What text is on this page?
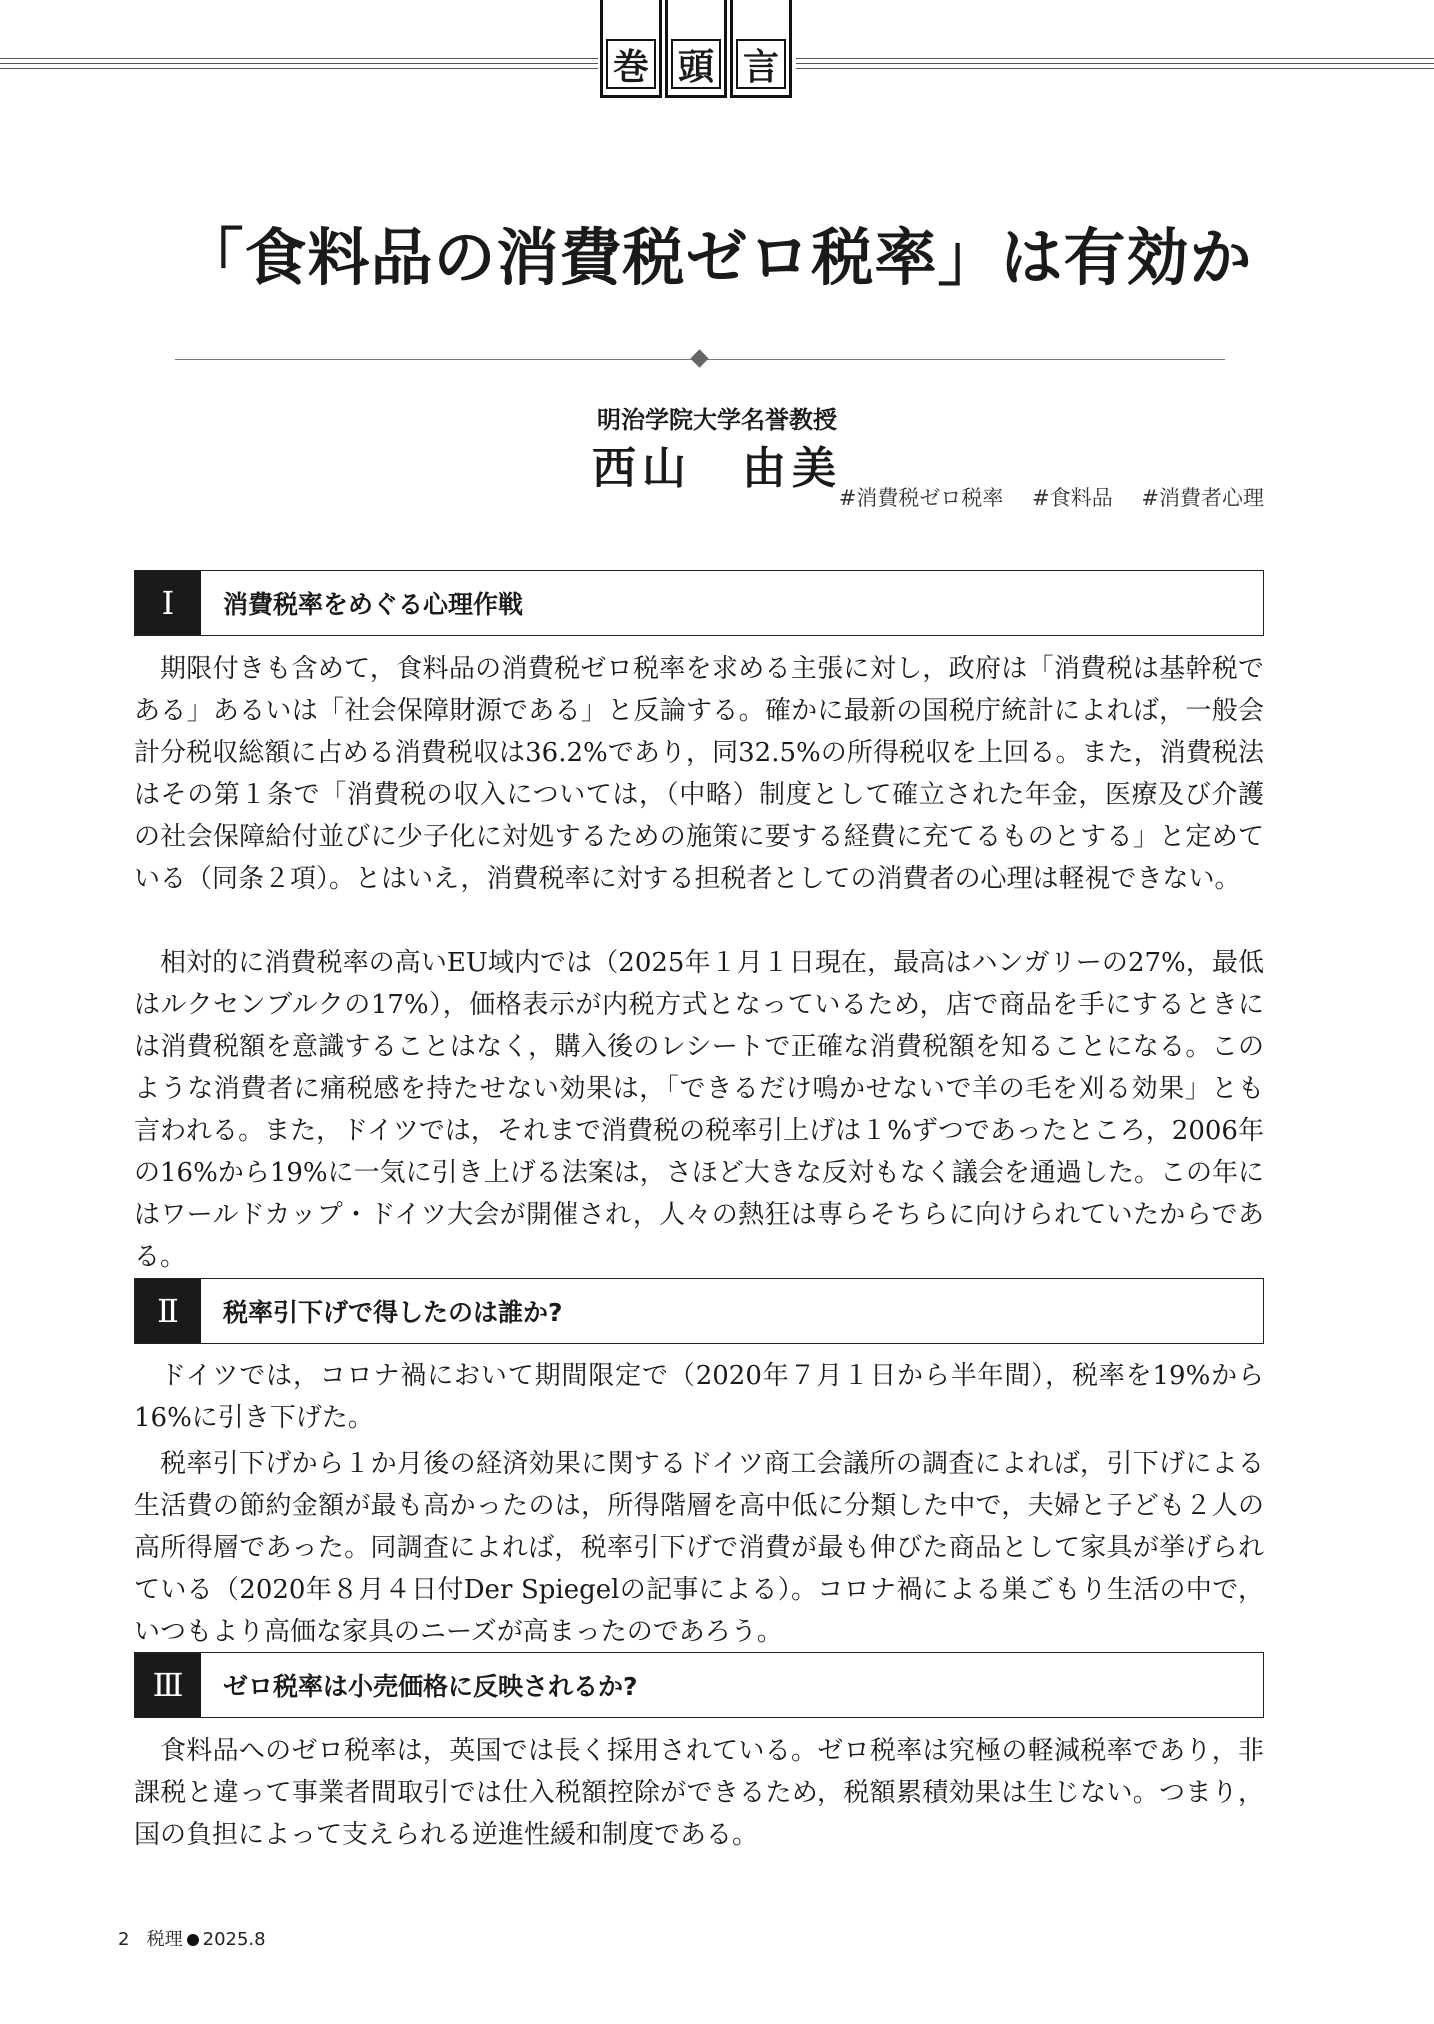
巻 頭 言
「食料品の消費税ゼロ税率」は有効か
明治学院大学名誉教授
西山　由美
#消費税ゼロ税率 #食料品 #消費者心理
Ⅰ	消費税率をめぐる心理作戦

期限付きも含めて，食料品の消費税ゼロ税率を求める主張に対し，政府は「消費税は基幹税である」あるいは「社会保障財源である」と反論する。確かに最新の国税庁統計によれば，一般会計分税収総額に占める消費税収は36.2%であり，同32.5%の所得税収を上回る。また，消費税法はその第１条で「消費税の収入については，（中略）制度として確立された年金，医療及び介護の社会保障給付並びに少子化に対処するための施策に要する経費に充てるものとする」と定めている（同条２項）。とはいえ，消費税率に対する担税者としての消費者の心理は軽視できない。

相対的に消費税率の高いEU域内では（2025年１月１日現在，最高はハンガリーの27%，最低はルクセンブルクの17%），価格表示が内税方式となっているため，店で商品を手にするときには消費税額を意識することはなく，購入後のレシートで正確な消費税額を知ることになる。このような消費者に痛税感を持たせない効果は，「できるだけ鳴かせないで羊の毛を刈る効果」とも言われる。また，ドイツでは，それまで消費税の税率引上げは１%ずつであったところ，2006年の16%から19%に一気に引き上げる法案は，さほど大きな反対もなく議会を通過した。この年にはワールドカップ・ドイツ大会が開催され，人々の熱狂は専らそちらに向けられていたからである。

Ⅱ	税率引下げで得したのは誰か?

ドイツでは，コロナ禍において期間限定で（2020年７月１日から半年間），税率を19%から16%に引き下げた。

税率引下げから１か月後の経済効果に関するドイツ商工会議所の調査によれば，引下げによる生活費の節約金額が最も高かったのは，所得階層を高中低に分類した中で，夫婦と子ども２人の高所得層であった。同調査によれば，税率引下げで消費が最も伸びた商品として家具が挙げられている（2020年８月４日付Der Spiegelの記事による）。コロナ禍による巣ごもり生活の中で，いつもより高価な家具のニーズが高まったのであろう。

Ⅲ	ゼロ税率は小売価格に反映されるか?

食料品へのゼロ税率は，英国では長く採用されている。ゼロ税率は究極の軽減税率であり，非課税と違って事業者間取引では仕入税額控除ができるため，税額累積効果は生じない。つまり，国の負担によって支えられる逆進性緩和制度である。

2 税理 2025.8
